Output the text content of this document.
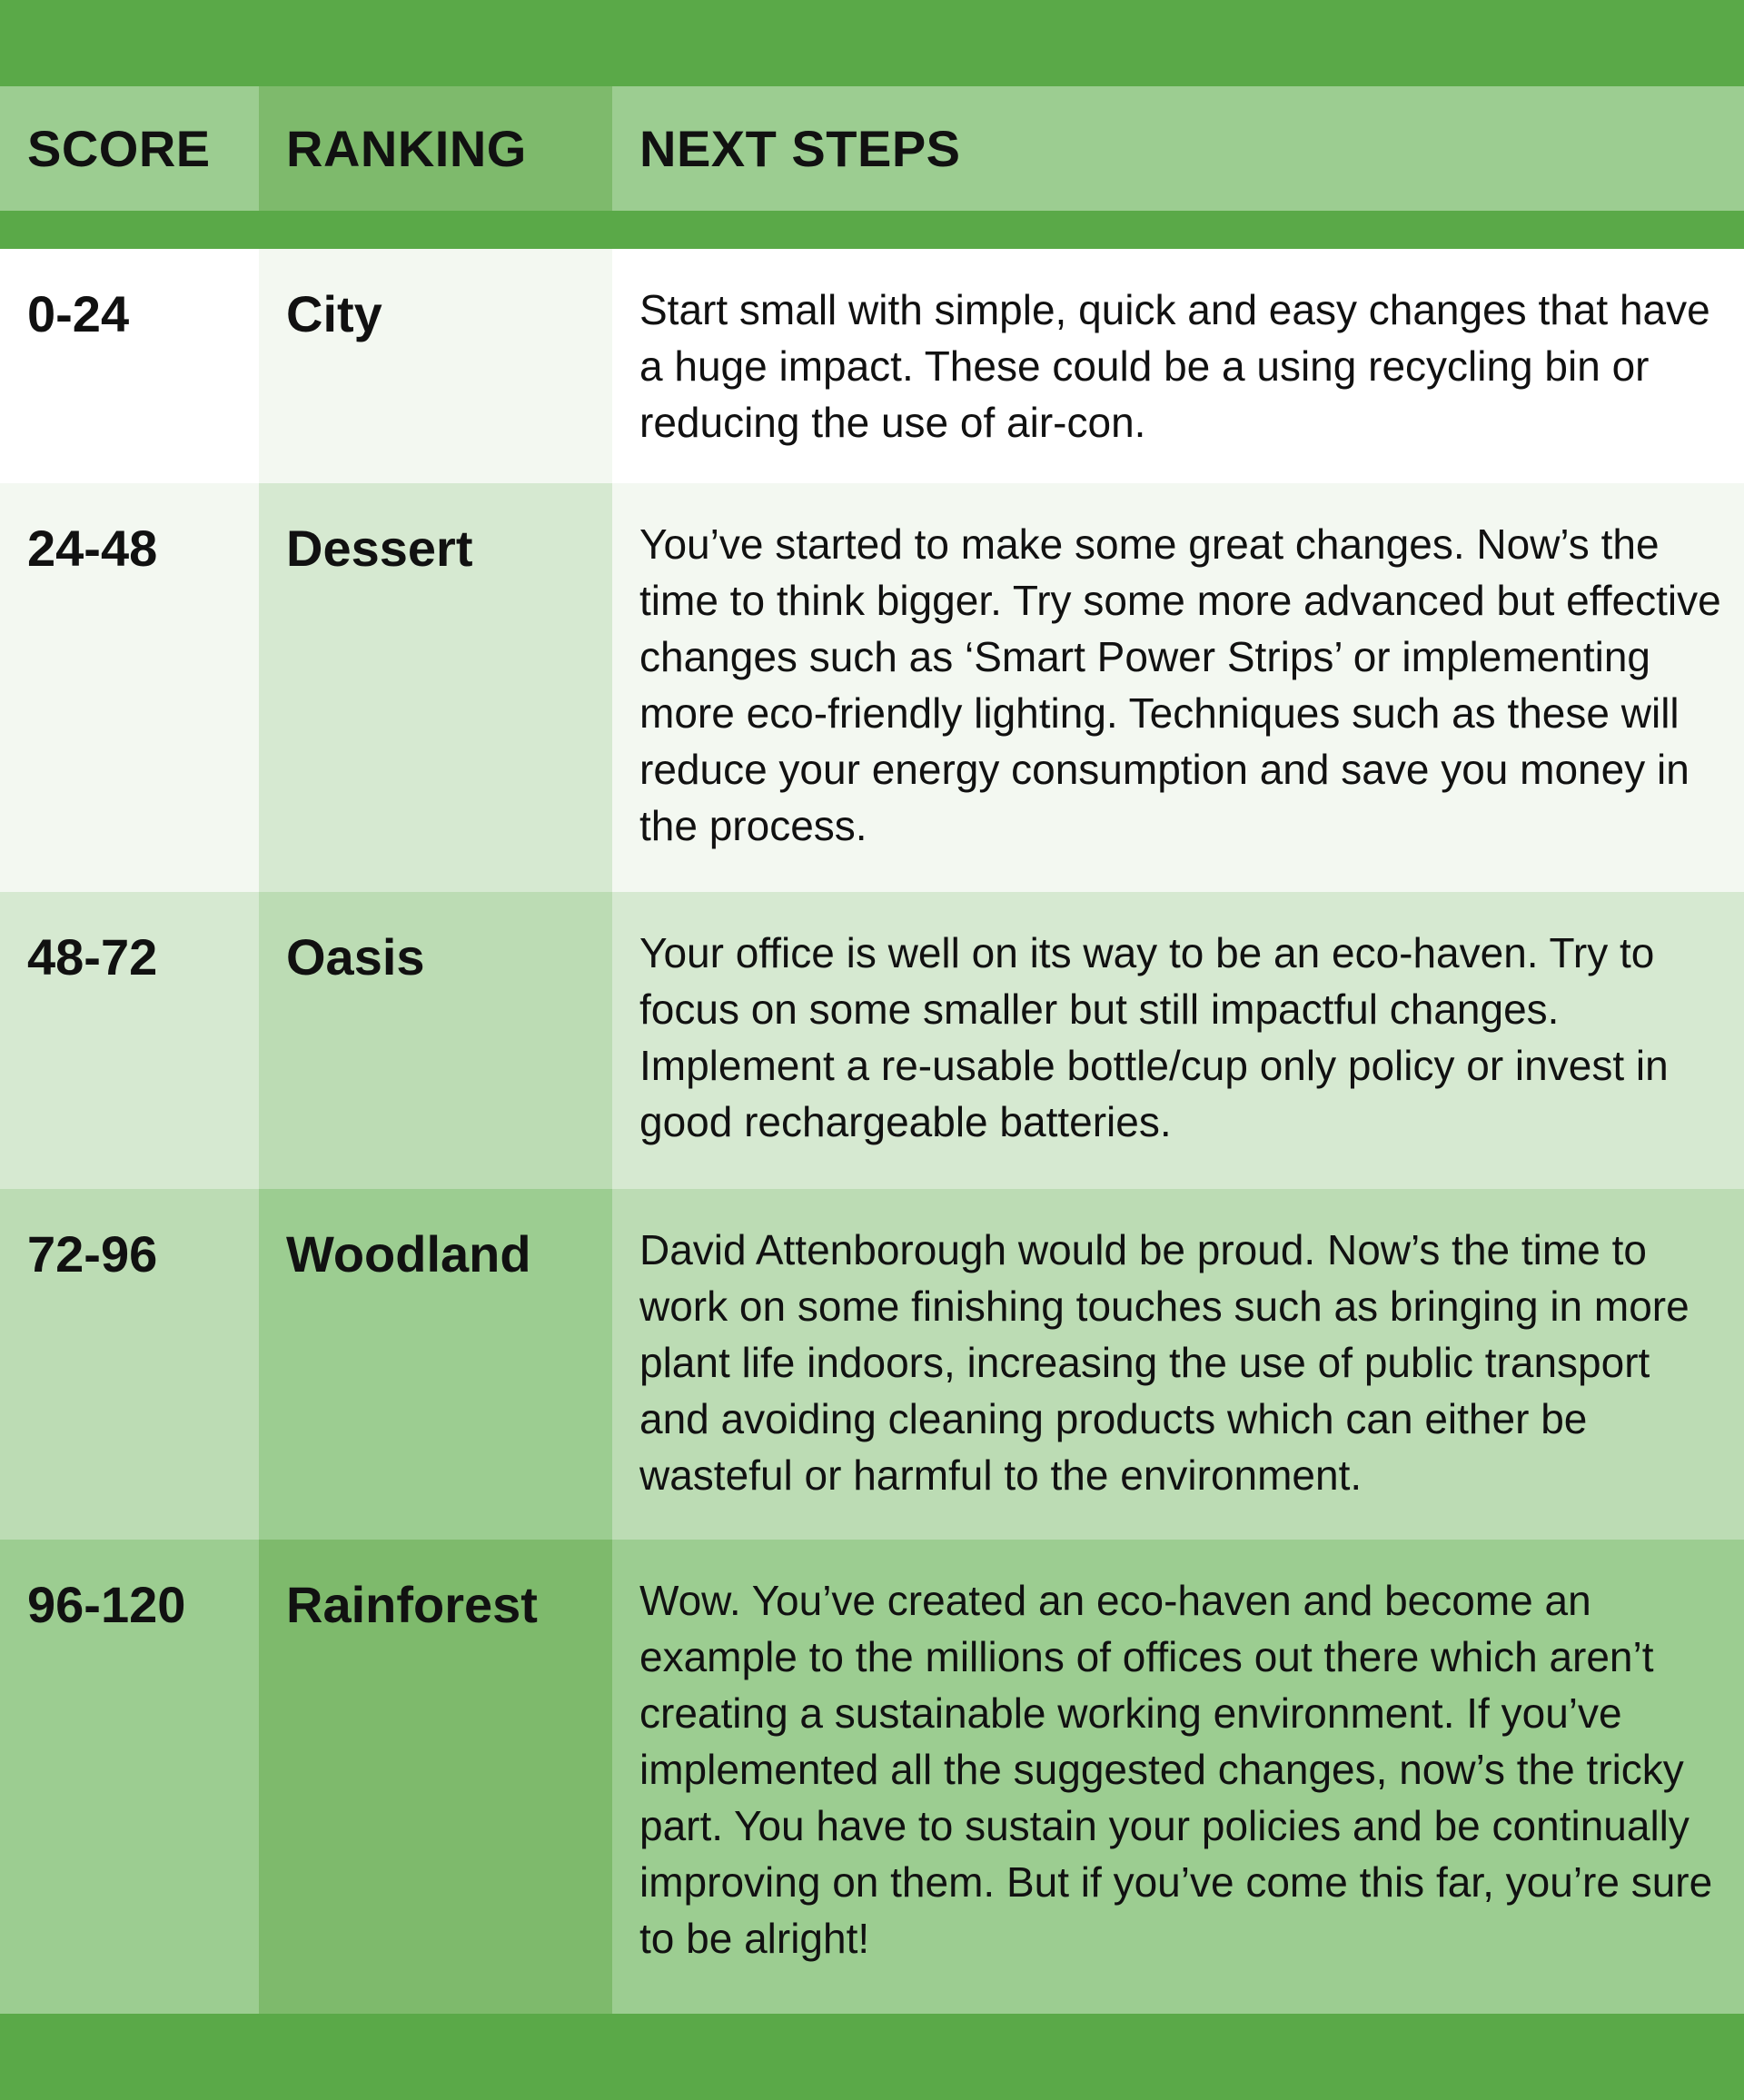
SCORE	RANKING	NEXT STEPS
0-24	City	Start small with simple, quick and easy changes that have a huge impact. These could be a using recycling bin or reducing the use of air-con.
24-48	Dessert	You’ve started to make some great changes. Now’s the time to think bigger. Try some more advanced but effective changes such as ‘Smart Power Strips’ or implementing more eco-friendly lighting. Techniques such as these will reduce your energy consumption and save you money in the process.
48-72	Oasis	Your office is well on its way to be an eco-haven. Try to focus on some smaller but still impactful changes. Implement a re-usable bottle/cup only policy or invest in good rechargeable batteries.
72-96	Woodland	David Attenborough would be proud. Now’s the time to work on some finishing touches such as bringing in more plant life indoors, increasing the use of public transport and avoiding cleaning products which can either be wasteful or harmful to the environment.
96-120	Rainforest	Wow. You’ve created an eco-haven and become an example to the millions of offices out there which aren’t creating a sustainable working environment. If you’ve implemented all the suggested changes, now’s the tricky part. You have to sustain your policies and be continually improving on them. But if you’ve come this far, you’re sure to be alright!
